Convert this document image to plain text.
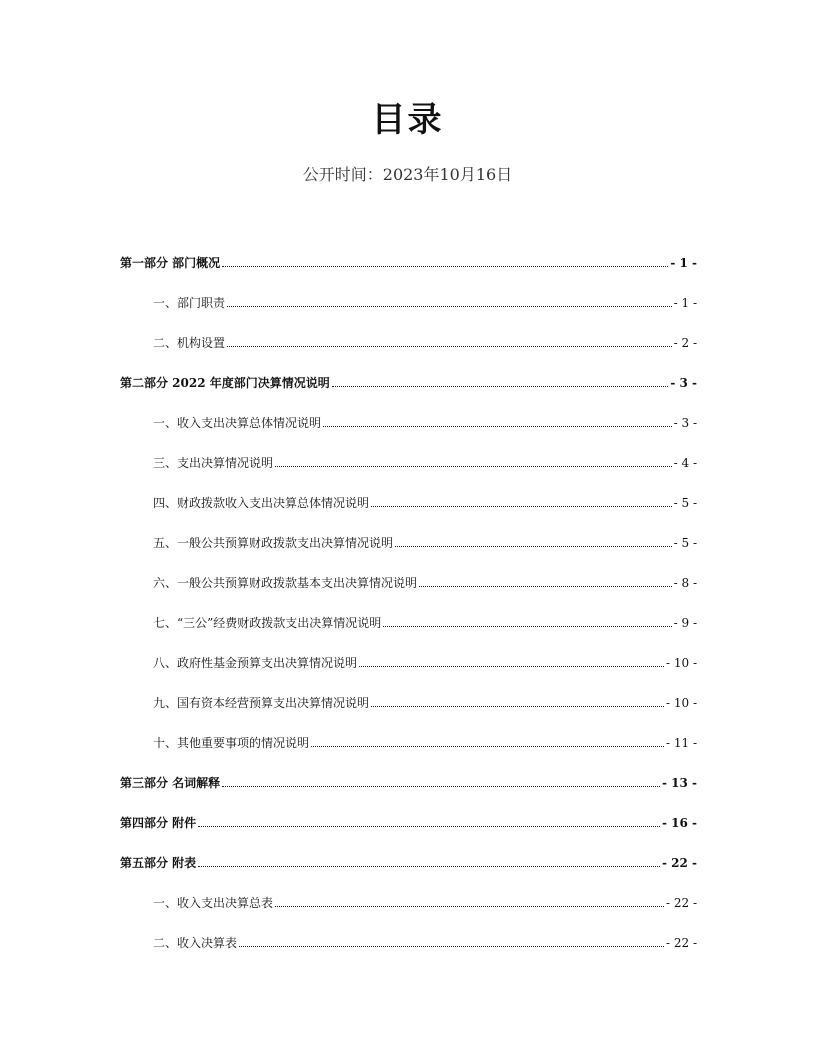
目录
公开时间：2023年10月16日
第一部分 部门概况	- 1 -
一、部门职责	- 1 -
二、机构设置	- 2 -
第二部分 2022 年度部门决算情况说明	- 3 -
一、收入支出决算总体情况说明	- 3 -
三、支出决算情况说明	- 4 -
四、财政拨款收入支出决算总体情况说明	- 5 -
五、一般公共预算财政拨款支出决算情况说明	- 5 -
六、一般公共预算财政拨款基本支出决算情况说明	- 8 -
七、“三公”经费财政拨款支出决算情况说明	- 9 -
八、政府性基金预算支出决算情况说明	- 10 -
九、国有资本经营预算支出决算情况说明	- 10 -
十、其他重要事项的情况说明	- 11 -
第三部分 名词解释	- 13 -
第四部分 附件	- 16 -
第五部分 附表	- 22 -
一、收入支出决算总表	- 22 -
二、收入决算表	- 22 -
